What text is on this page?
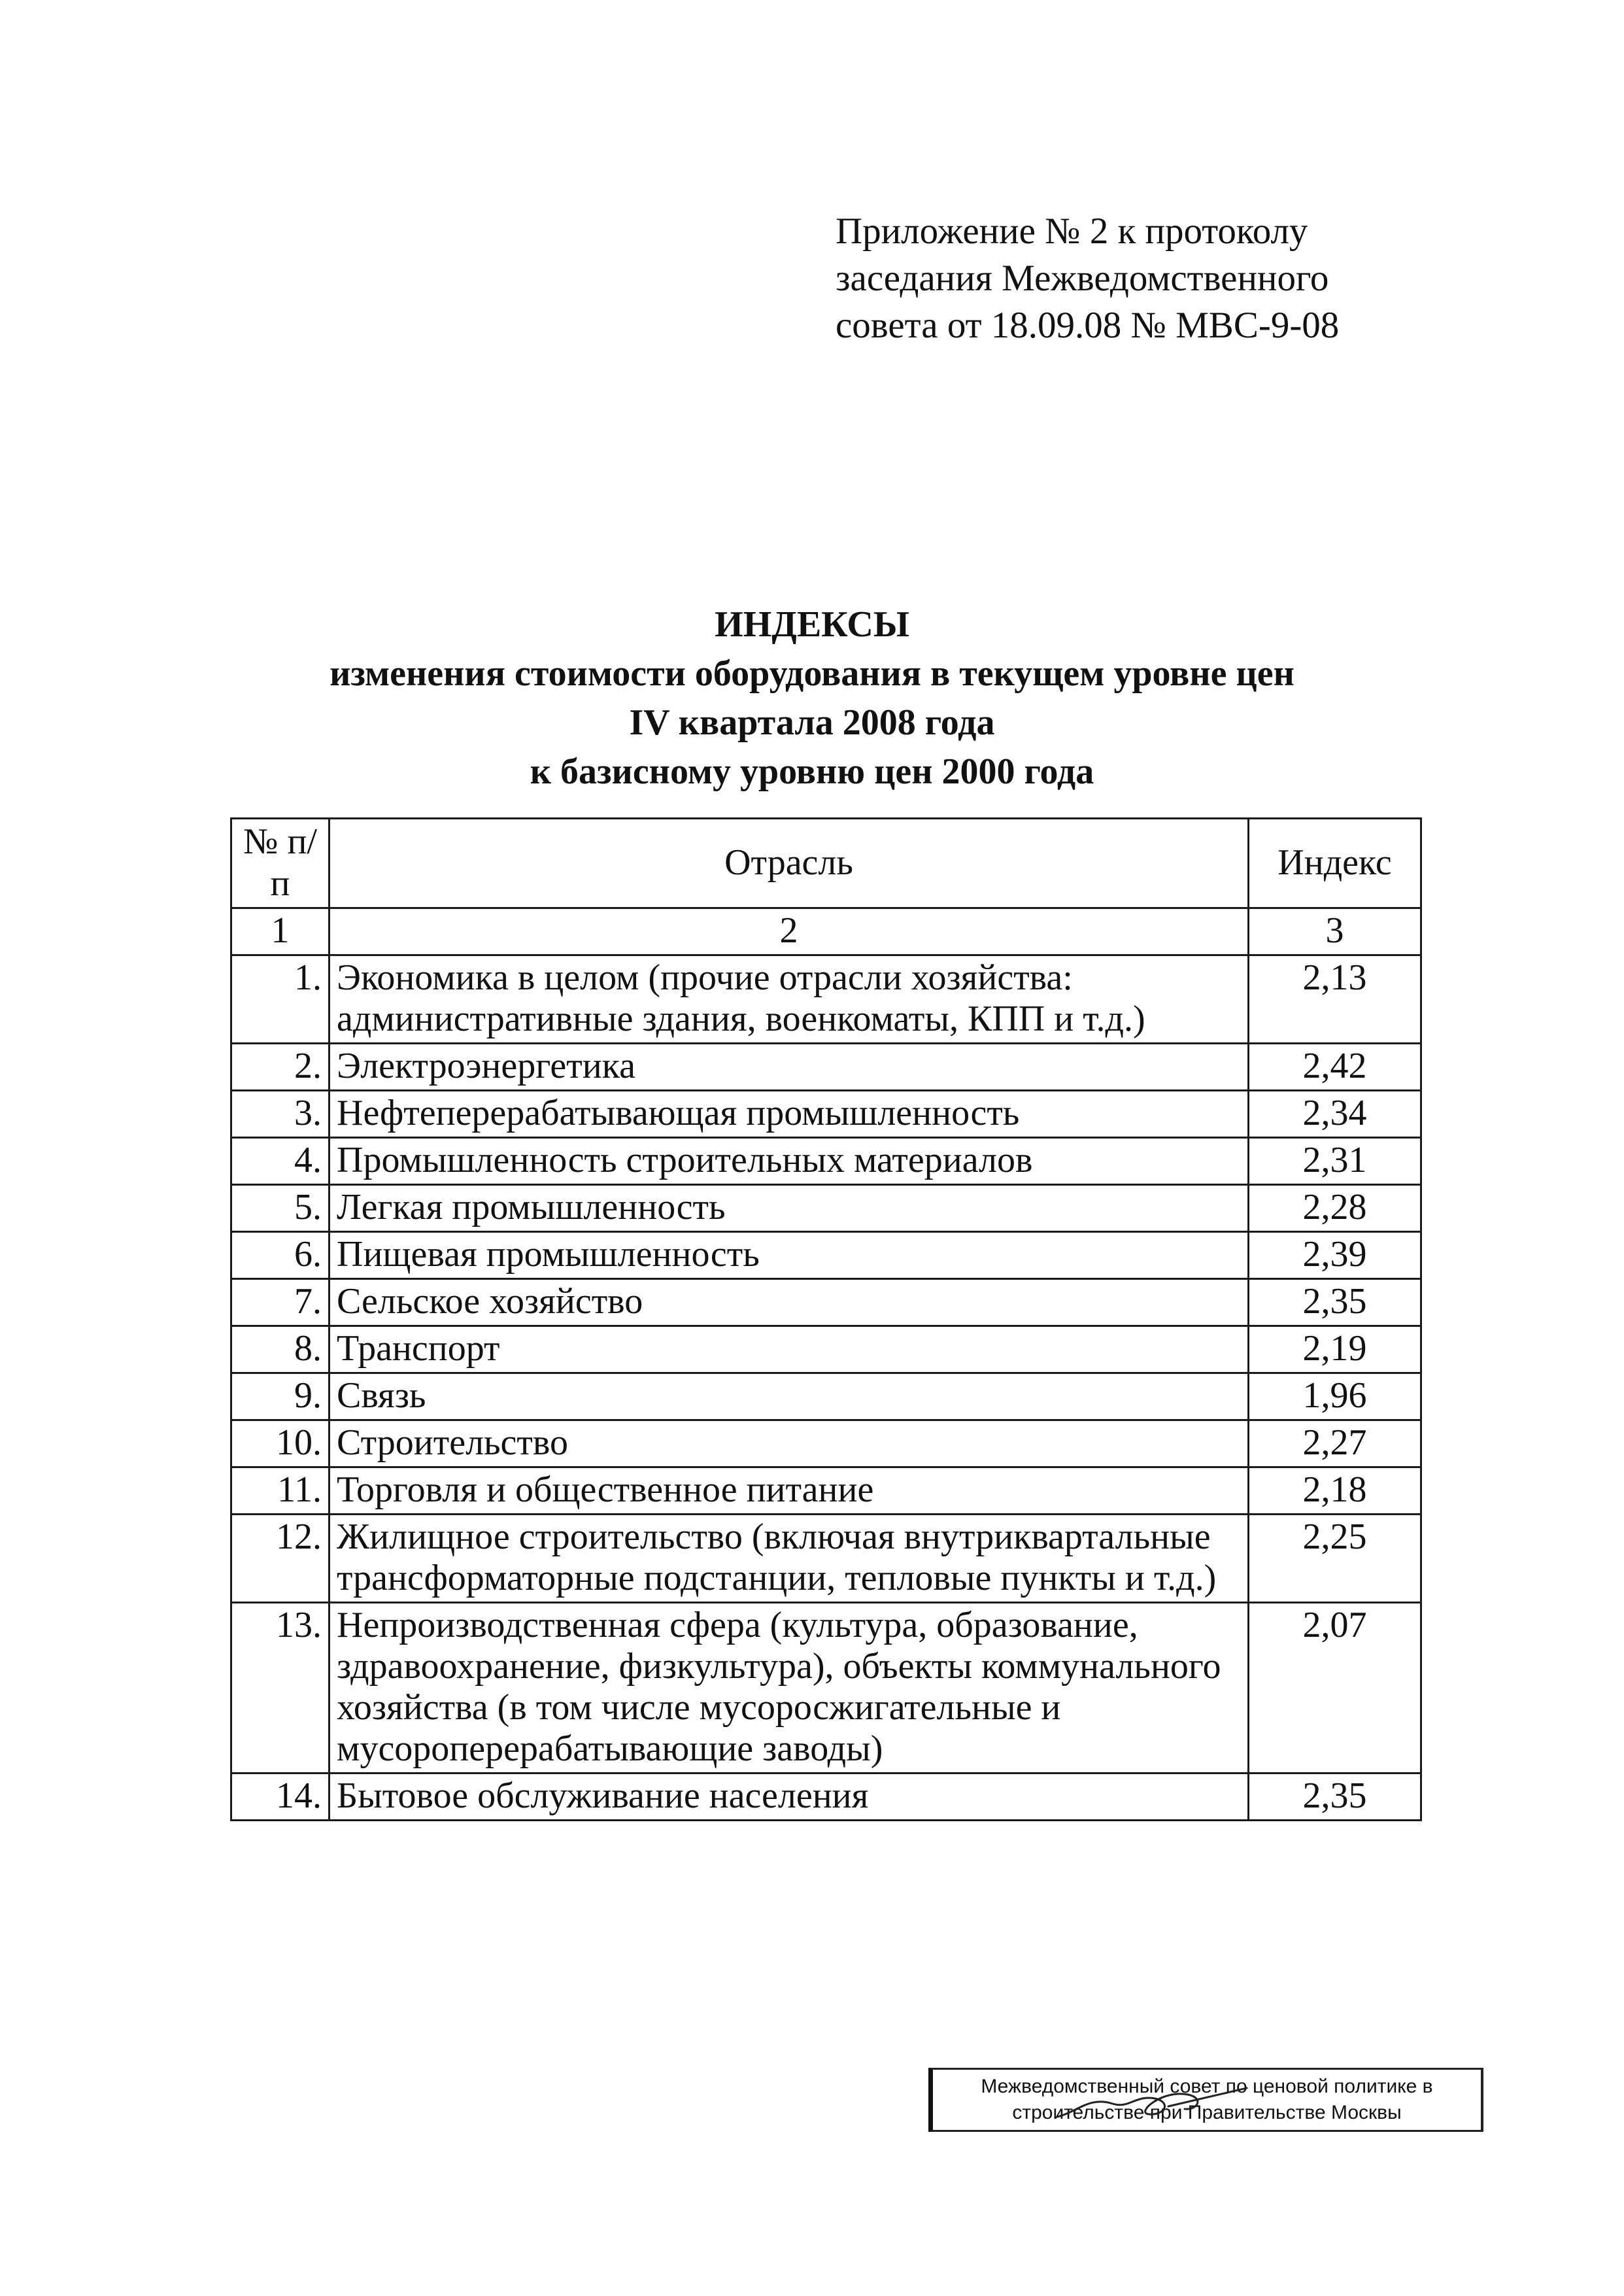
Приложение № 2 к протоколу
заседания Межведомственного
совета от 18.09.08 № МВС-9-08
ИНДЕКСЫ
изменения стоимости оборудования в текущем уровне цен
IV квартала 2008 года
к базисному уровню цен 2000 года
№ п/п	Отрасль	Индекс
1	2	3
1.	Экономика в целом (прочие отрасли хозяйства: административные здания, военкоматы, КПП и т.д.)	2,13
2.	Электроэнергетика	2,42
3.	Нефтеперерабатывающая промышленность	2,34
4.	Промышленность строительных материалов	2,31
5.	Легкая промышленность	2,28
6.	Пищевая промышленность	2,39
7.	Сельское хозяйство	2,35
8.	Транспорт	2,19
9.	Связь	1,96
10.	Строительство	2,27
11.	Торговля и общественное питание	2,18
12.	Жилищное строительство (включая внутриквартальные трансформаторные подстанции, тепловые пункты и т.д.)	2,25
13.	Непроизводственная сфера (культура, образование, здравоохранение, физкультура), объекты коммунального хозяйства (в том числе мусоросжигательные и мусороперерабатывающие заводы)	2,07
14.	Бытовое обслуживание населения	2,35
Межведомственный совет по ценовой политике в
строительстве при Правительстве Москвы
